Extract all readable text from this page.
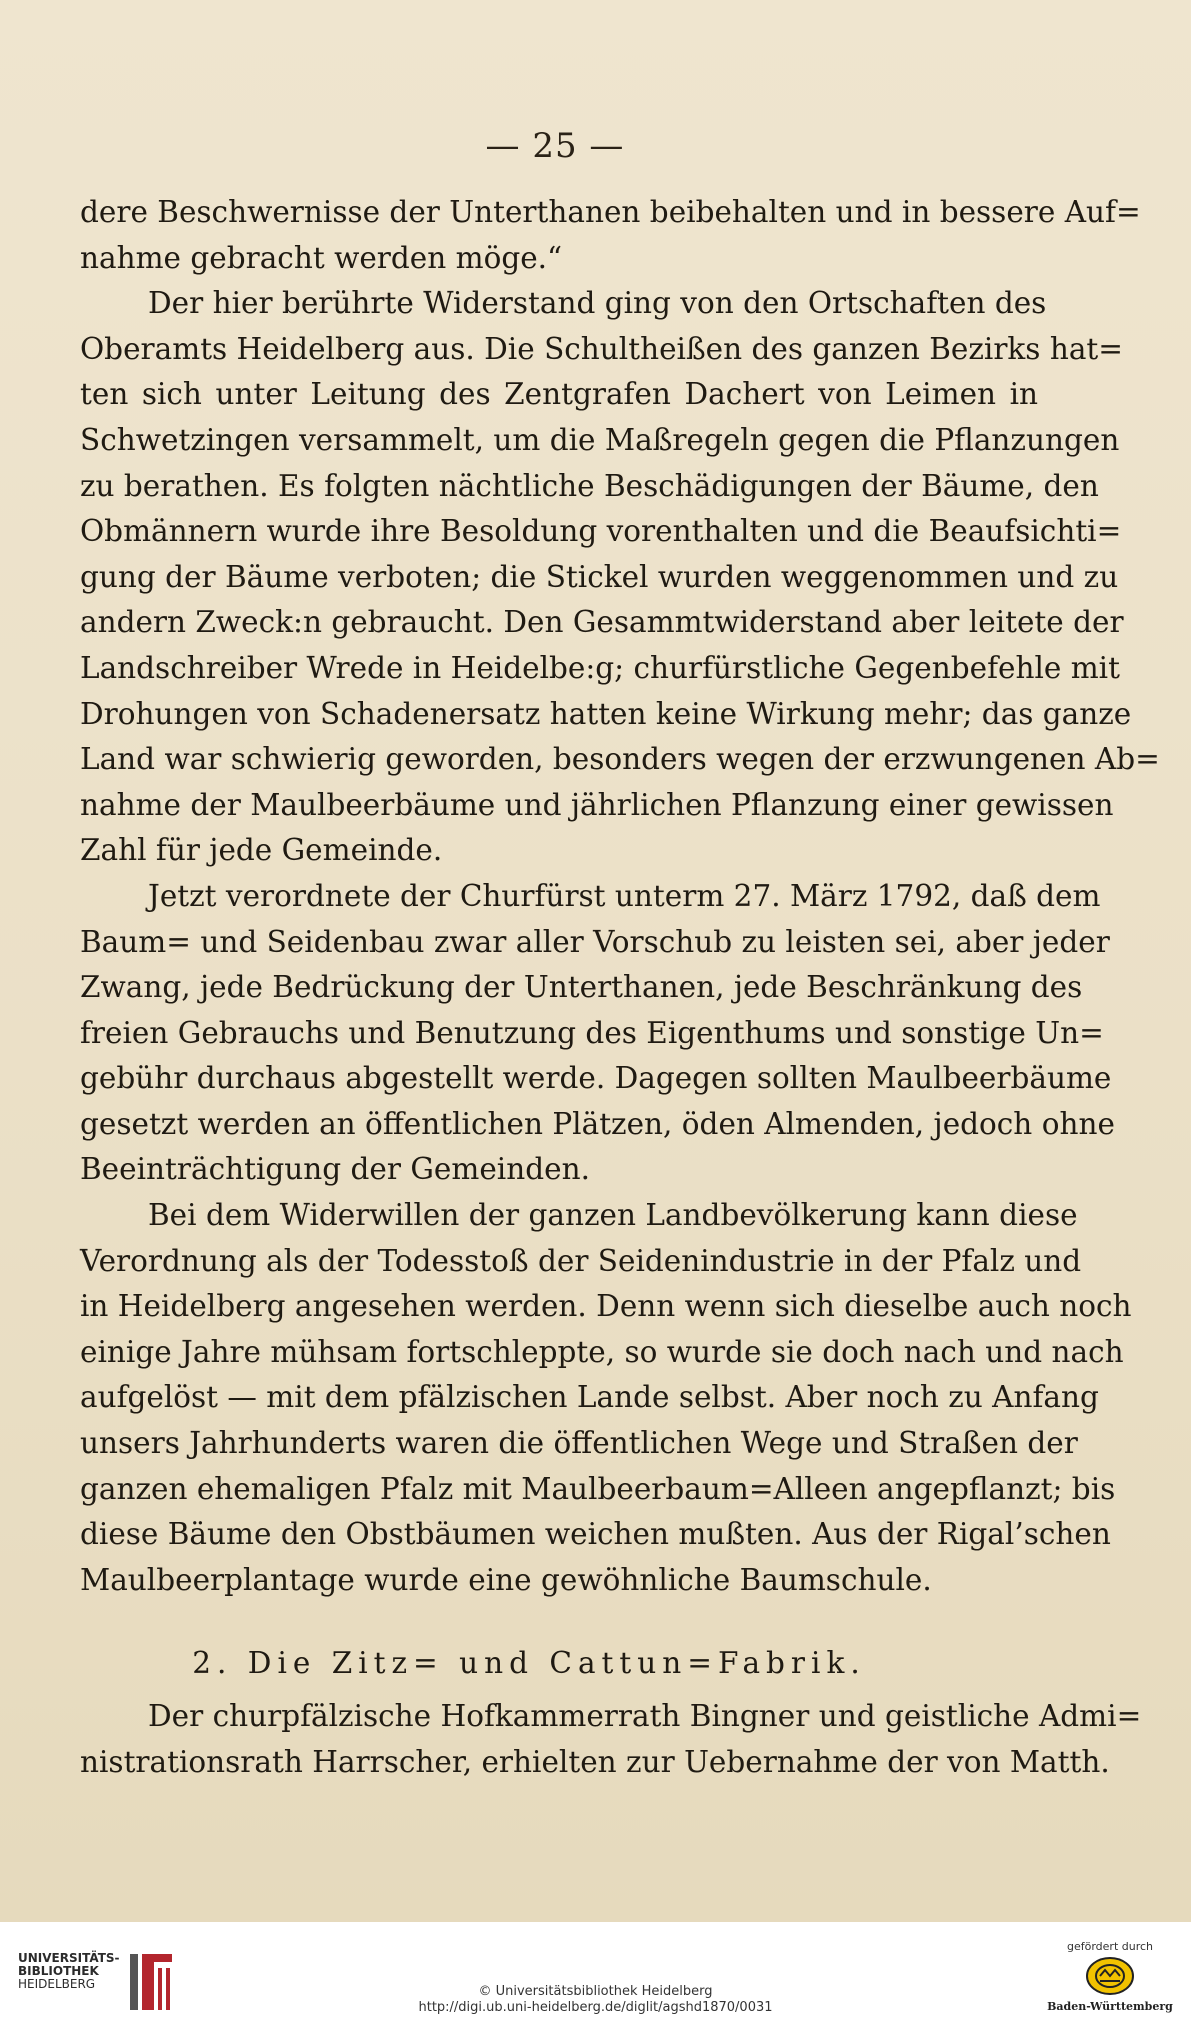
— 25 —
dere Beschwernisse der Unterthanen beibehalten und in bessere Auf=
nahme gebracht werden möge.“
Der hier berührte Widerstand ging von den Ortschaften des
Oberamts Heidelberg aus. Die Schultheißen des ganzen Bezirks hat=
ten sich unter Leitung des Zentgrafen Dachert von Leimen in
Schwetzingen versammelt, um die Maßregeln gegen die Pflanzungen
zu berathen. Es folgten nächtliche Beschädigungen der Bäume, den
Obmännern wurde ihre Besoldung vorenthalten und die Beaufsichti=
gung der Bäume verboten; die Stickel wurden weggenommen und zu
andern Zweck:n gebraucht. Den Gesammtwiderstand aber leitete der
Landschreiber Wrede in Heidelbe:g; churfürstliche Gegenbefehle mit
Drohungen von Schadenersatz hatten keine Wirkung mehr; das ganze
Land war schwierig geworden, besonders wegen der erzwungenen Ab=
nahme der Maulbeerbäume und jährlichen Pflanzung einer gewissen
Zahl für jede Gemeinde.
Jetzt verordnete der Churfürst unterm 27. März 1792, daß dem
Baum= und Seidenbau zwar aller Vorschub zu leisten sei, aber jeder
Zwang, jede Bedrückung der Unterthanen, jede Beschränkung des
freien Gebrauchs und Benutzung des Eigenthums und sonstige Un=
gebühr durchaus abgestellt werde. Dagegen sollten Maulbeerbäume
gesetzt werden an öffentlichen Plätzen, öden Almenden, jedoch ohne
Beeinträchtigung der Gemeinden.
Bei dem Widerwillen der ganzen Landbevölkerung kann diese
Verordnung als der Todesstoß der Seidenindustrie in der Pfalz und
in Heidelberg angesehen werden. Denn wenn sich dieselbe auch noch
einige Jahre mühsam fortschleppte, so wurde sie doch nach und nach
aufgelöst — mit dem pfälzischen Lande selbst. Aber noch zu Anfang
unsers Jahrhunderts waren die öffentlichen Wege und Straßen der
ganzen ehemaligen Pfalz mit Maulbeerbaum=Alleen angepflanzt; bis
diese Bäume den Obstbäumen weichen mußten. Aus der Rigal’schen
Maulbeerplantage wurde eine gewöhnliche Baumschule.
2. Die Zitz= und Cattun=Fabrik.
Der churpfälzische Hofkammerrath Bingner und geistliche Admi=
nistrationsrath Harrscher, erhielten zur Uebernahme der von Matth.
UNIVERSITÄTS-
BIBLIOTHEK
HEIDELBERG	© Universitätsbibliothek Heidelberg
http://digi.ub.uni-heidelberg.de/diglit/agshd1870/0031
gefördert durch
Baden-Württemberg
